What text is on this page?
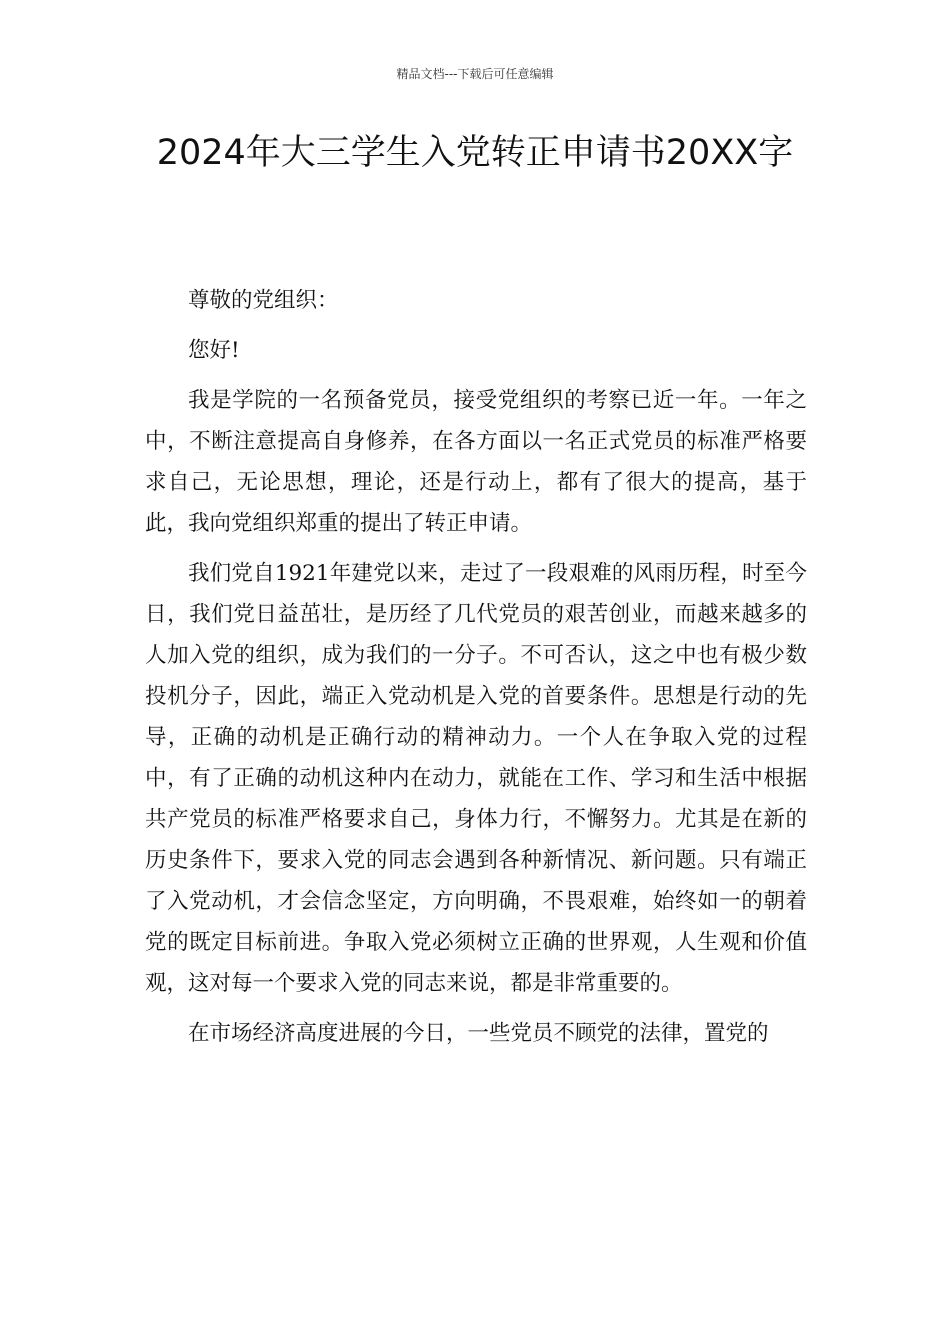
精品文档---下载后可任意编辑
2024年大三学生入党转正申请书20XX字

尊敬的党组织：

您好!

我是学院的一名预备党员，接受党组织的考察已近一年。一年之中，不断注意提高自身修养，在各方面以一名正式党员的标准严格要求自己，无论思想，理论，还是行动上，都有了很大的提高，基于此，我向党组织郑重的提出了转正申请。

我们党自1921年建党以来，走过了一段艰难的风雨历程，时至今日，我们党日益茁壮，是历经了几代党员的艰苦创业，而越来越多的人加入党的组织，成为我们的一分子。不可否认，这之中也有极少数投机分子，因此，端正入党动机是入党的首要条件。思想是行动的先导，正确的动机是正确行动的精神动力。一个人在争取入党的过程中，有了正确的动机这种内在动力，就能在工作、学习和生活中根据共产党员的标准严格要求自己，身体力行，不懈努力。尤其是在新的历史条件下，要求入党的同志会遇到各种新情况、新问题。只有端正了入党动机，才会信念坚定，方向明确，不畏艰难，始终如一的朝着党的既定目标前进。争取入党必须树立正确的世界观，人生观和价值观，这对每一个要求入党的同志来说，都是非常重要的。

在市场经济高度进展的今日，一些党员不顾党的法律，置党的
